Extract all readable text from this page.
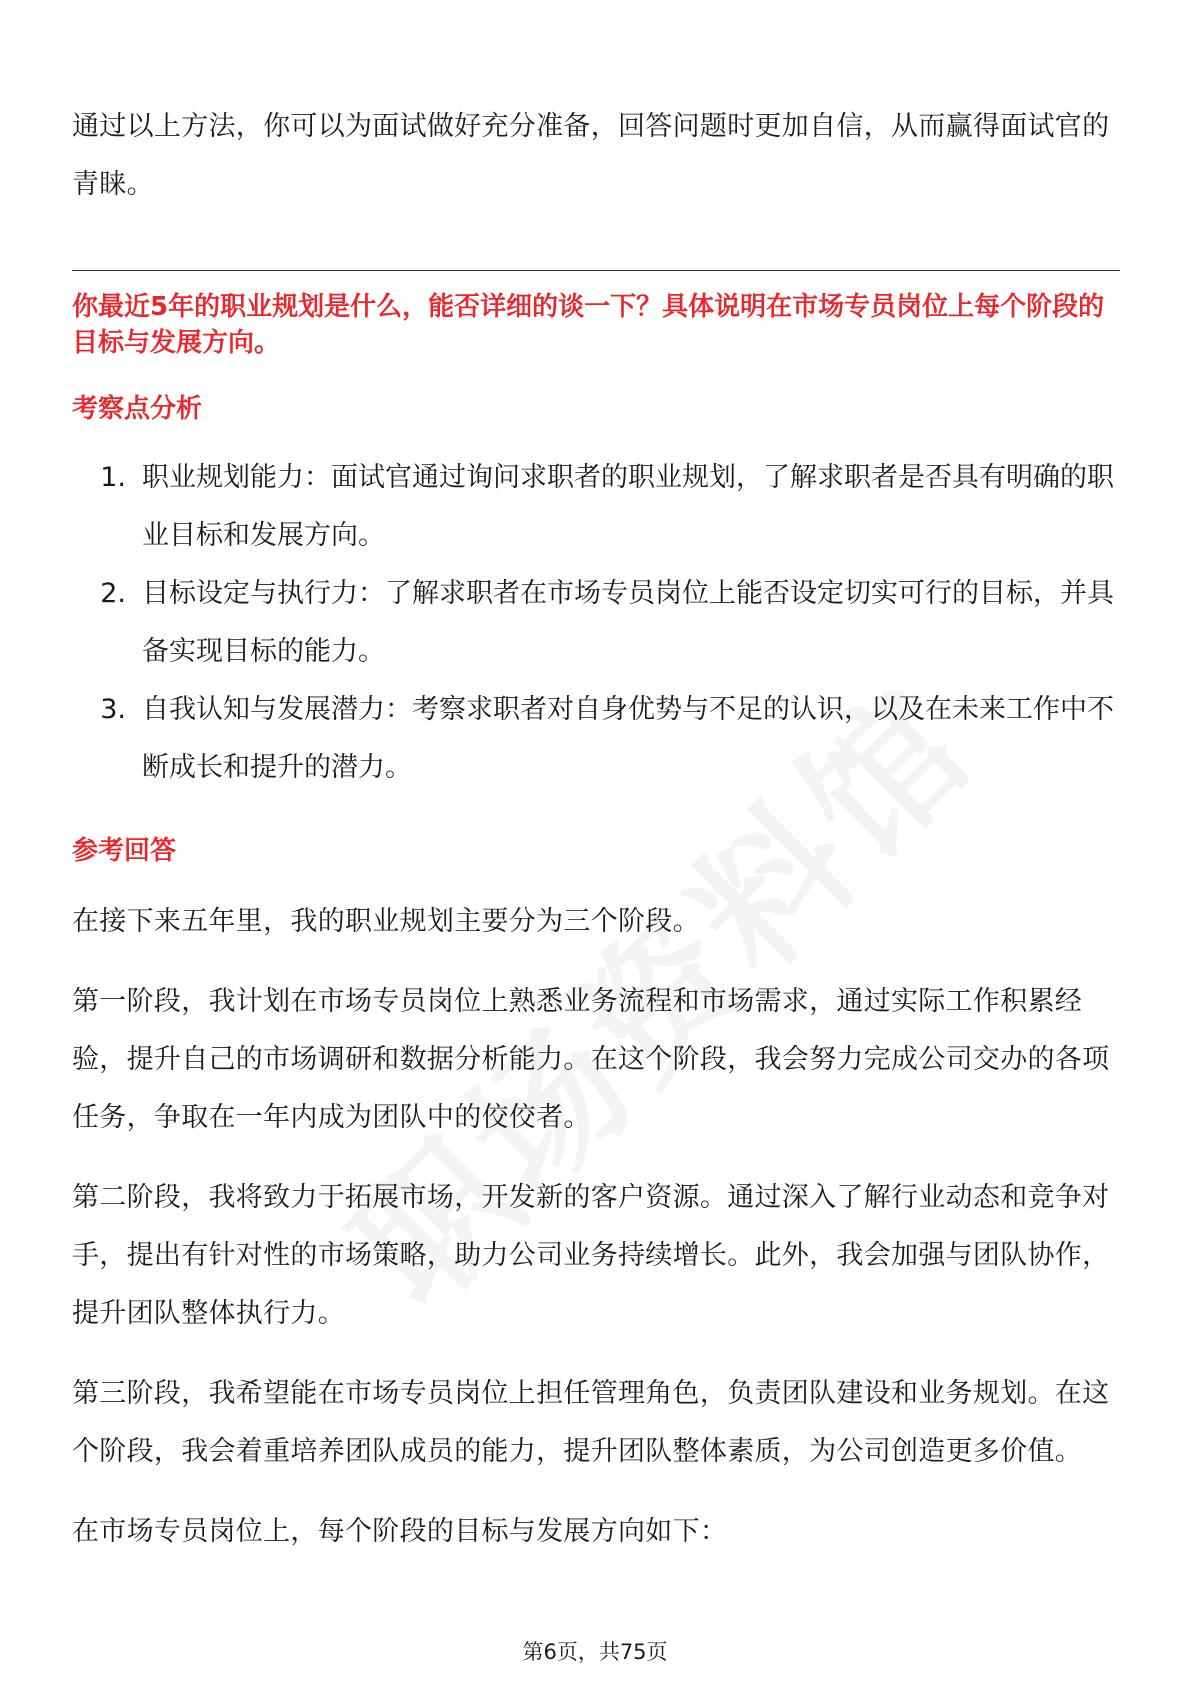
通过以上方法，你可以为面试做好充分准备，回答问题时更加自信，从而赢得面试官的青睐。

你最近5年的职业规划是什么，能否详细的谈一下？具体说明在市场专员岗位上每个阶段的目标与发展方向。

考察点分析
1. 职业规划能力：面试官通过询问求职者的职业规划，了解求职者是否具有明确的职业目标和发展方向。
2. 目标设定与执行力：了解求职者在市场专员岗位上能否设定切实可行的目标，并具备实现目标的能力。
3. 自我认知与发展潜力：考察求职者对自身优势与不足的认识，以及在未来工作中不断成长和提升的潜力。
参考回答

在接下来五年里，我的职业规划主要分为三个阶段。

第一阶段，我计划在市场专员岗位上熟悉业务流程和市场需求，通过实际工作积累经验，提升自己的市场调研和数据分析能力。在这个阶段，我会努力完成公司交办的各项任务，争取在一年内成为团队中的佼佼者。

第二阶段，我将致力于拓展市场，开发新的客户资源。通过深入了解行业动态和竞争对手，提出有针对性的市场策略，助力公司业务持续增长。此外，我会加强与团队协作，提升团队整体执行力。

第三阶段，我希望能在市场专员岗位上担任管理角色，负责团队建设和业务规划。在这个阶段，我会着重培养团队成员的能力，提升团队整体素质，为公司创造更多价值。

在市场专员岗位上，每个阶段的目标与发展方向如下：

第6页，共75页
